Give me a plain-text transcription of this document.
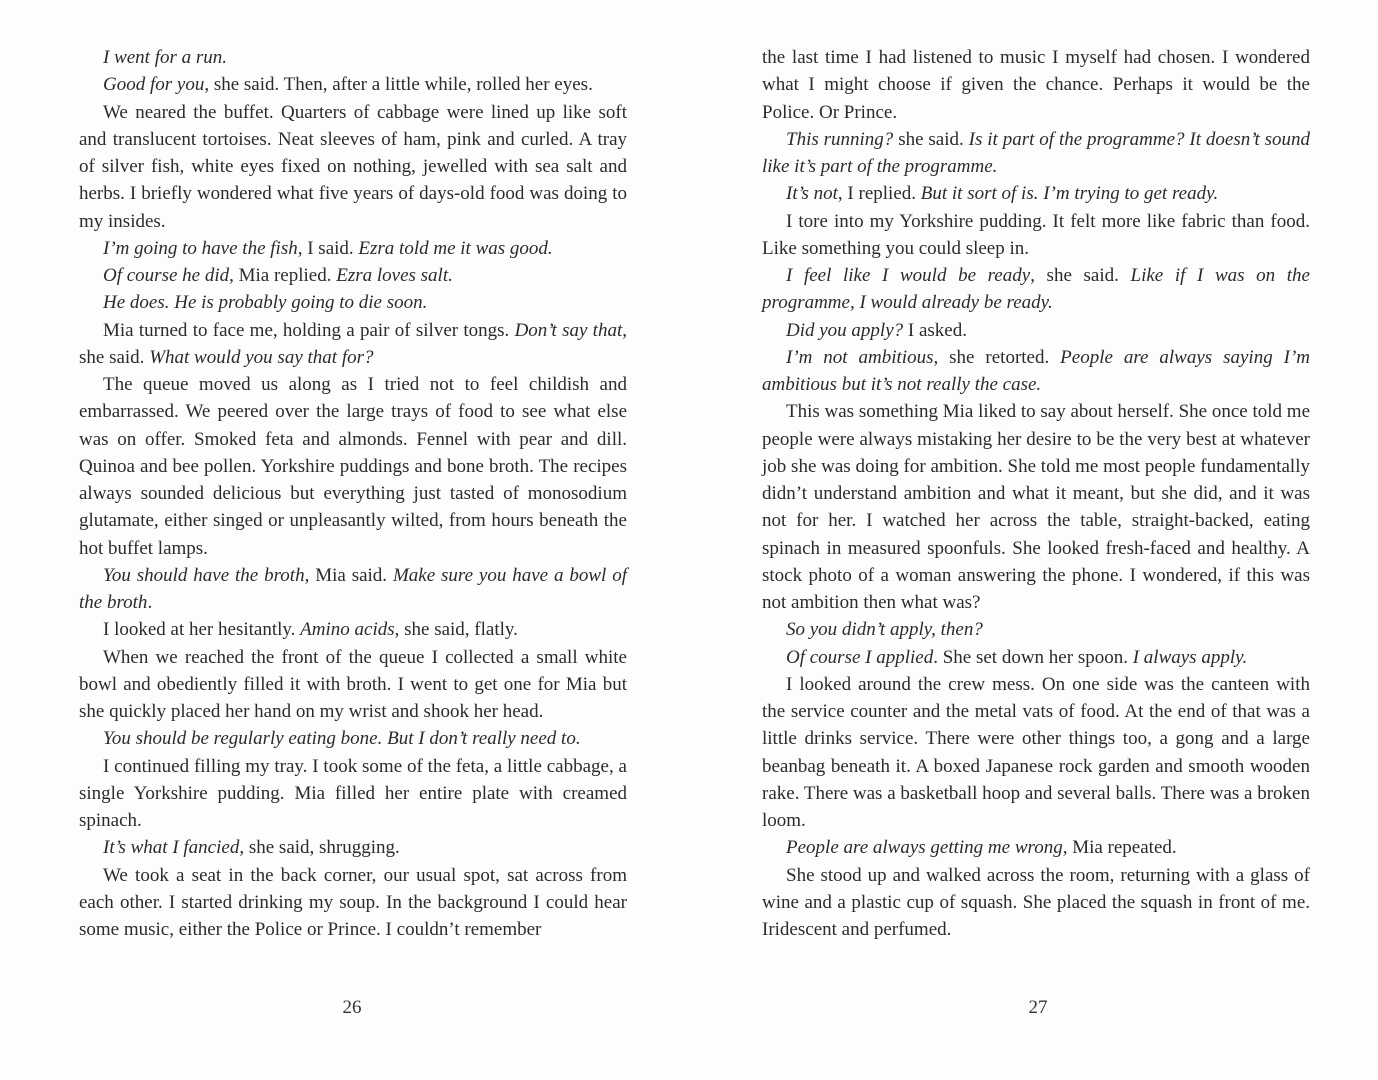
I went for a run.

Good for you, she said. Then, after a little while, rolled her eyes.

We neared the buffet. Quarters of cabbage were lined up like soft and translucent tortoises. Neat sleeves of ham, pink and curled. A tray of silver fish, white eyes fixed on nothing, jewelled with sea salt and herbs. I briefly wondered what five years of days-old food was doing to my insides.

I’m going to have the fish, I said. Ezra told me it was good.

Of course he did, Mia replied. Ezra loves salt.

He does. He is probably going to die soon.

Mia turned to face me, holding a pair of silver tongs. Don’t say that, she said. What would you say that for?

The queue moved us along as I tried not to feel childish and embarrassed. We peered over the large trays of food to see what else was on offer. Smoked feta and almonds. Fennel with pear and dill. Quinoa and bee pollen. Yorkshire puddings and bone broth. The recipes always sounded delicious but everything just tasted of monosodium glutamate, either singed or unpleasantly wilted, from hours beneath the hot buffet lamps.

You should have the broth, Mia said. Make sure you have a bowl of the broth.

I looked at her hesitantly. Amino acids, she said, flatly.

When we reached the front of the queue I collected a small white bowl and obediently filled it with broth. I went to get one for Mia but she quickly placed her hand on my wrist and shook her head.

You should be regularly eating bone. But I don’t really need to.

I continued filling my tray. I took some of the feta, a little cabbage, a single Yorkshire pudding. Mia filled her entire plate with creamed spinach.

It’s what I fancied, she said, shrugging.

We took a seat in the back corner, our usual spot, sat across from each other. I started drinking my soup. In the background I could hear some music, either the Police or Prince. I couldn’t remember

26

the last time I had listened to music I myself had chosen. I wondered what I might choose if given the chance. Perhaps it would be the Police. Or Prince.

This running? she said. Is it part of the programme? It doesn’t sound like it’s part of the programme.

It’s not, I replied. But it sort of is. I’m trying to get ready.

I tore into my Yorkshire pudding. It felt more like fabric than food. Like something you could sleep in.

I feel like I would be ready, she said. Like if I was on the programme, I would already be ready.

Did you apply? I asked.

I’m not ambitious, she retorted. People are always saying I’m ambitious but it’s not really the case.

This was something Mia liked to say about herself. She once told me people were always mistaking her desire to be the very best at whatever job she was doing for ambition. She told me most people fundamentally didn’t understand ambition and what it meant, but she did, and it was not for her. I watched her across the table, straight-backed, eating spinach in measured spoonfuls. She looked fresh-faced and healthy. A stock photo of a woman answering the phone. I wondered, if this was not ambition then what was?

So you didn’t apply, then?

Of course I applied. She set down her spoon. I always apply.

I looked around the crew mess. On one side was the canteen with the service counter and the metal vats of food. At the end of that was a little drinks service. There were other things too, a gong and a large beanbag beneath it. A boxed Japanese rock garden and smooth wooden rake. There was a basketball hoop and several balls. There was a broken loom.

People are always getting me wrong, Mia repeated.

She stood up and walked across the room, returning with a glass of wine and a plastic cup of squash. She placed the squash in front of me. Iridescent and perfumed.

27
